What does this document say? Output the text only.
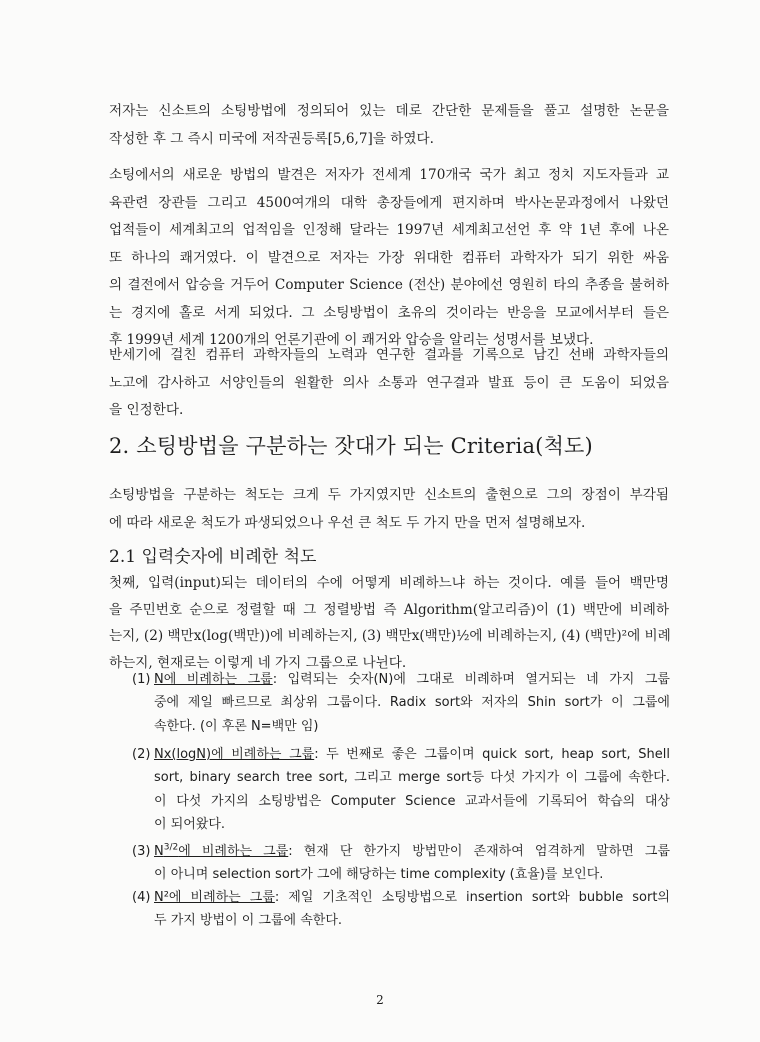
저자는 신소트의 소팅방법에 정의되어 있는 데로 간단한 문제들을 풀고 설명한 논문을
작성한 후 그 즉시 미국에 저작권등록[5,6,7]을 하였다.
소팅에서의 새로운 방법의 발견은 저자가 전세계 170개국 국가 최고 정치 지도자들과 교
육관련 장관들 그리고 4500여개의 대학 총장들에게 편지하며 박사논문과정에서 나왔던
업적들이 세계최고의 업적임을 인정해 달라는 1997년 세계최고선언 후 약 1년 후에 나온
또 하나의 쾌거였다. 이 발견으로 저자는 가장 위대한 컴퓨터 과학자가 되기 위한 싸움
의 결전에서 압승을 거두어 Computer Science (전산) 분야에선 영원히 타의 추종을 불허하
는 경지에 홀로 서게 되었다. 그 소팅방법이 초유의 것이라는 반응을 모교에서부터 들은
후 1999년 세계 1200개의 언론기관에 이 쾌거와 압승을 알리는 성명서를 보냈다.
반세기에 걸친 컴퓨터 과학자들의 노력과 연구한 결과를 기록으로 남긴 선배 과학자들의
노고에 감사하고 서양인들의 원활한 의사 소통과 연구결과 발표 등이 큰 도움이 되었음
을 인정한다.
2. 소팅방법을 구분하는 잣대가 되는 Criteria(척도)
소팅방법을 구분하는 척도는 크게 두 가지였지만 신소트의 출현으로 그의 장점이 부각됨
에 따라 새로운 척도가 파생되었으나 우선 큰 척도 두 가지 만을 먼저 설명해보자.
2.1 입력숫자에 비례한 척도
첫째, 입력(input)되는 데이터의 수에 어떻게 비례하느냐 하는 것이다. 예를 들어 백만명
을 주민번호 순으로 정렬할 때 그 정렬방법 즉 Algorithm(알고리즘)이 (1) 백만에 비례하
는지, (2) 백만x(log(백만))에 비례하는지, (3) 백만x(백만)½에 비례하는지, (4) (백만)²에 비례
하는지, 현재로는 이렇게 네 가지 그룹으로 나뉜다.
(1) N에 비례하는 그룹: 입력되는 숫자(N)에 그대로 비례하며 열거되는 네 가지 그룹
중에 제일 빠르므로 최상위 그룹이다. Radix sort와 저자의 Shin sort가 이 그룹에
속한다. (이 후론 N=백만 임)
(2) Nx(logN)에 비례하는 그룹: 두 번째로 좋은 그룹이며 quick sort, heap sort, Shell
sort, binary search tree sort, 그리고 merge sort등 다섯 가지가 이 그룹에 속한다.
이 다섯 가지의 소팅방법은 Computer Science 교과서들에 기록되어 학습의 대상
이 되어왔다.
(3) $N^{3/2}$에 비례하는 그룹: 현재 단 한가지 방법만이 존재하여 엄격하게 말하면 그룹
이 아니며 selection sort가 그에 해당하는 time complexity (효율)를 보인다.
(4) N²에 비례하는 그룹: 제일 기초적인 소팅방법으로 insertion sort와 bubble sort의
두 가지 방법이 이 그룹에 속한다.
2
